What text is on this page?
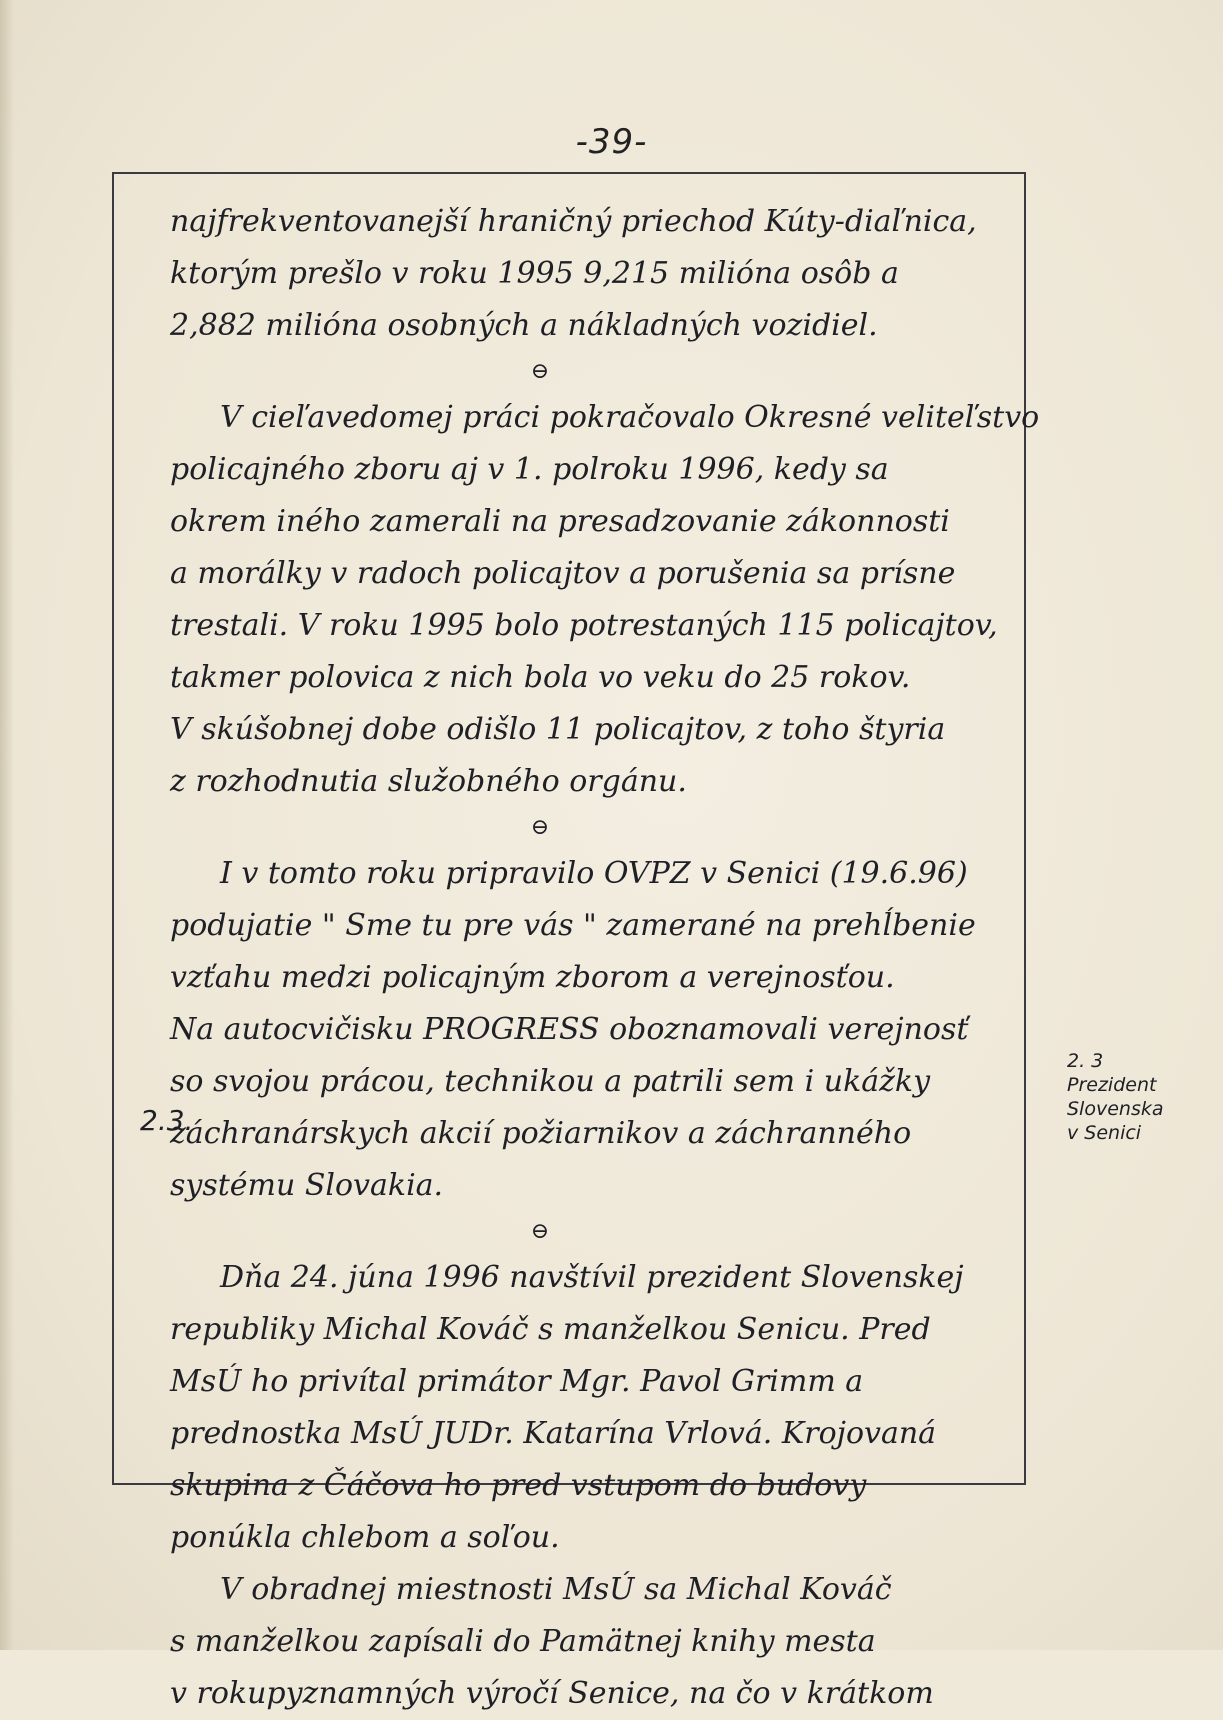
-39-
najfrekventovanejší hraničný priechod Kúty-diaľnica,
ktorým prešlo v roku 1995 9,215 milióna osôb a
2,882 milióna osobných a nákladných vozidiel.
⊖
V cieľavedomej práci pokračovalo Okresné veliteľstvo
policajného zboru aj v 1. polroku 1996, kedy sa
okrem iného zamerali na presadzovanie zákonnosti
a morálky v radoch policajtov a porušenia sa prísne
trestali. V roku 1995 bolo potrestaných 115 policajtov,
takmer polovica z nich bola vo veku do 25 rokov.
V skúšobnej dobe odišlo 11 policajtov, z toho štyria
z rozhodnutia služobného orgánu.
⊖
I v tomto roku pripravilo OVPZ v Senici (19.6.96)
podujatie " Sme tu pre vás " zamerané na prehĺbenie
vzťahu medzi policajným zborom a verejnosťou.
Na autocvičisku PROGRESS oboznamovali verejnosť
so svojou prácou, technikou a patrili sem i ukážky
záchranárskych akcií požiarnikov a záchranného
systému Slovakia.
⊖
Dňa 24. júna 1996 navštívil prezident Slovenskej
republiky Michal Kováč s manželkou Senicu. Pred
MsÚ ho privítal primátor Mgr. Pavol Grimm a
prednostka MsÚ JUDr. Katarína Vrlová. Krojovaná
skupina z Čáčova ho pred vstupom do budovy
ponúkla chlebom a soľou.
V obradnej miestnosti MsÚ sa Michal Kováč
s manželkou zapísali do Pamätnej knihy mesta
v rokupyznamných výročí Senice, na čo v krátkom
2.3.
2. 3
Prezident
Slovenska
v Senici
